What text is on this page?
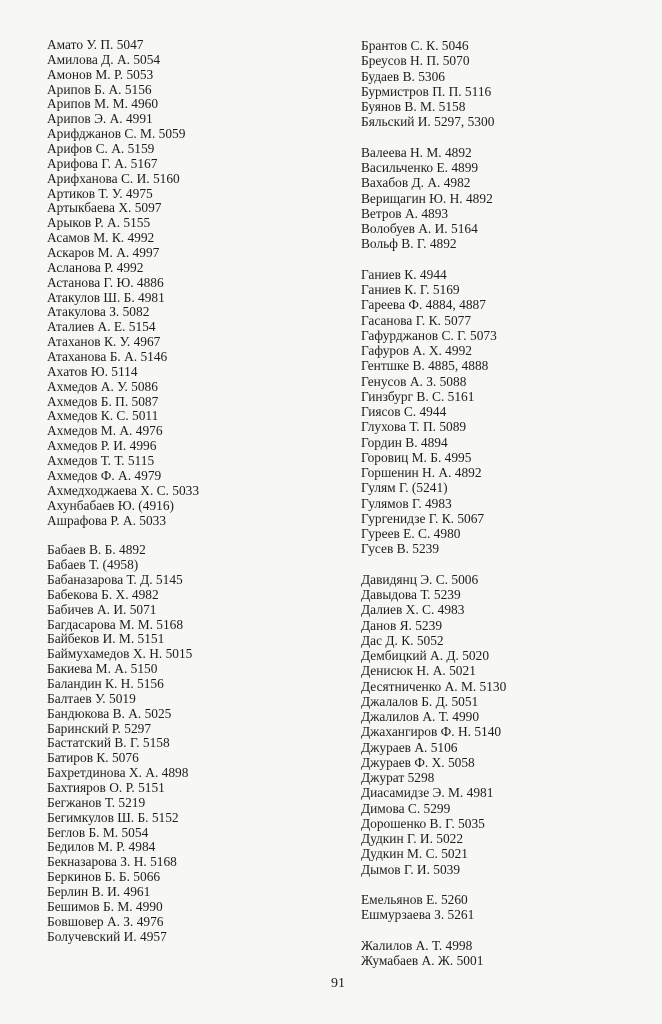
Амато У. П. 5047
Амилова Д. А. 5054
Амонов М. Р. 5053
Арипов Б. А. 5156
Арипов М. М. 4960
Арипов Э. А. 4991
Арифджанов С. М. 5059
Арифов С. А. 5159
Арифова Г. А. 5167
Арифханова С. И. 5160
Артиков Т. У. 4975
Артыкбаева Х. 5097
Арыков Р. А. 5155
Асамов М. К. 4992
Аскаров М. А. 4997
Асланова Р. 4992
Астанова Г. Ю. 4886
Атакулов Ш. Б. 4981
Атакулова З. 5082
Аталиев А. Е. 5154
Атаханов К. У. 4967
Атаханова Б. А. 5146
Ахатов Ю. 5114
Ахмедов А. У. 5086
Ахмедов Б. П. 5087
Ахмедов К. С. 5011
Ахмедов М. А. 4976
Ахмедов Р. И. 4996
Ахмедов Т. Т. 5115
Ахмедов Ф. А. 4979
Ахмедходжаева Х. С. 5033
Ахунбабаев Ю. (4916)
Ашрафова Р. А. 5033
Бабаев В. Б. 4892
Бабаев Т. (4958)
Бабаназарова Т. Д. 5145
Бабекова Б. Х. 4982
Бабичев А. И. 5071
Багдасарова М. М. 5168
Байбеков И. М. 5151
Баймухамедов Х. Н. 5015
Бакиева М. А. 5150
Баландин К. Н. 5156
Балтаев У. 5019
Бандюкова В. А. 5025
Баринский Р. 5297
Бастатский В. Г. 5158
Батиров К. 5076
Бахретдинова Х. А. 4898
Бахтияров О. Р. 5151
Бегжанов Т. 5219
Бегимкулов Ш. Б. 5152
Беглов Б. М. 5054
Бедилов М. Р. 4984
Бекназарова З. Н. 5168
Беркинов Б. Б. 5066
Берлин В. И. 4961
Бешимов Б. М. 4990
Бовшовер А. З. 4976
Болучевский И. 4957
Брантов С. К. 5046
Бреусов Н. П. 5070
Будаев В. 5306
Бурмистров П. П. 5116
Буянов В. М. 5158
Бяльский И. 5297, 5300
Валеева Н. М. 4892
Васильченко Е. 4899
Вахабов Д. А. 4982
Верищагин Ю. Н. 4892
Ветров А. 4893
Волобуев А. И. 5164
Вольф В. Г. 4892
Ганиев К. 4944
Ганиев К. Г. 5169
Гареева Ф. 4884, 4887
Гасанова Г. К. 5077
Гафурджанов С. Г. 5073
Гафуров А. Х. 4992
Гентшке В. 4885, 4888
Генусов А. З. 5088
Гинзбург В. С. 5161
Гиясов С. 4944
Глухова Т. П. 5089
Гордин В. 4894
Горовиц М. Б. 4995
Горшенин Н. А. 4892
Гулям Г. (5241)
Гулямов Г. 4983
Гургенидзе Г. К. 5067
Гуреев Е. С. 4980
Гусев В. 5239
Давидянц Э. С. 5006
Давыдова Т. 5239
Далиев Х. С. 4983
Данов Я. 5239
Дас Д. К. 5052
Дембицкий А. Д. 5020
Денисюк Н. А. 5021
Десятниченко А. М. 5130
Джалалов Б. Д. 5051
Джалилов А. Т. 4990
Джахангиров Ф. Н. 5140
Джураев А. 5106
Джураев Ф. Х. 5058
Джурат 5298
Диасамидзе Э. М. 4981
Димова С. 5299
Дорошенко В. Г. 5035
Дудкин Г. И. 5022
Дудкин М. С. 5021
Дымов Г. И. 5039
Емельянов Е. 5260
Ешмурзаева З. 5261
Жалилов А. Т. 4998
Жумабаев А. Ж. 5001
91
